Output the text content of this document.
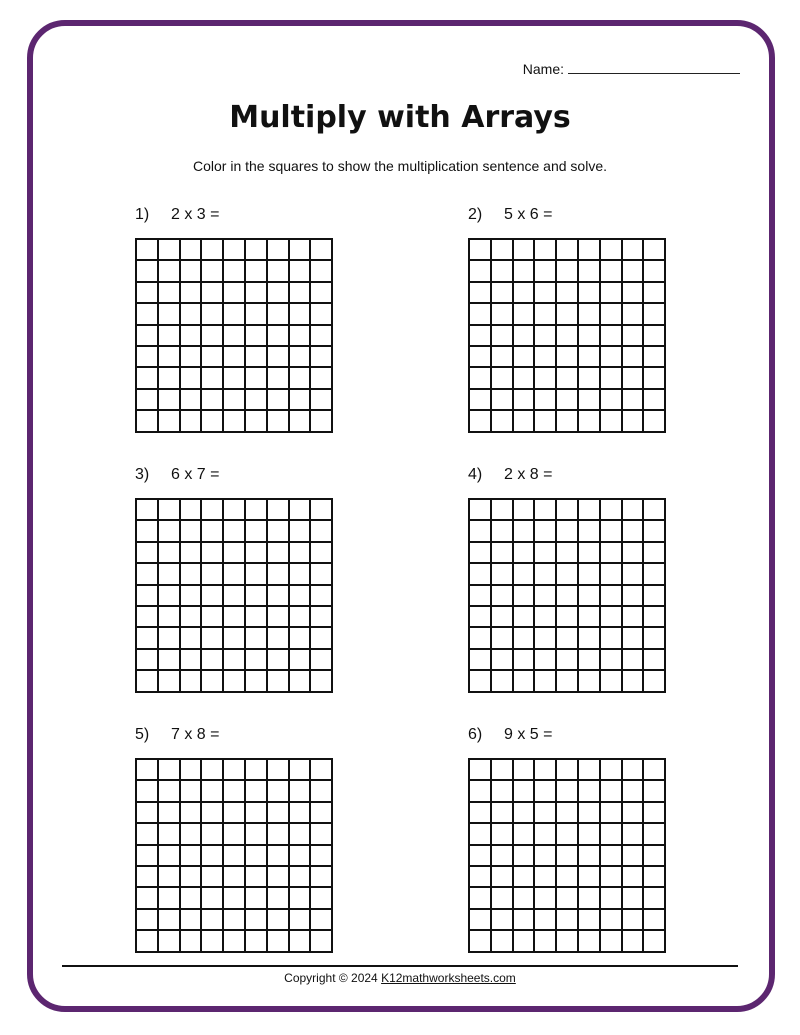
Name:
Multiply with Arrays
Color in the squares to show the multiplication sentence and solve.
1) 2 x 3 =	2) 5 x 6 =
3) 6 x 7 =	4) 2 x 8 =
5) 7 x 8 =	6) 9 x 5 =
Copyright © 2024 K12mathworksheets.com
